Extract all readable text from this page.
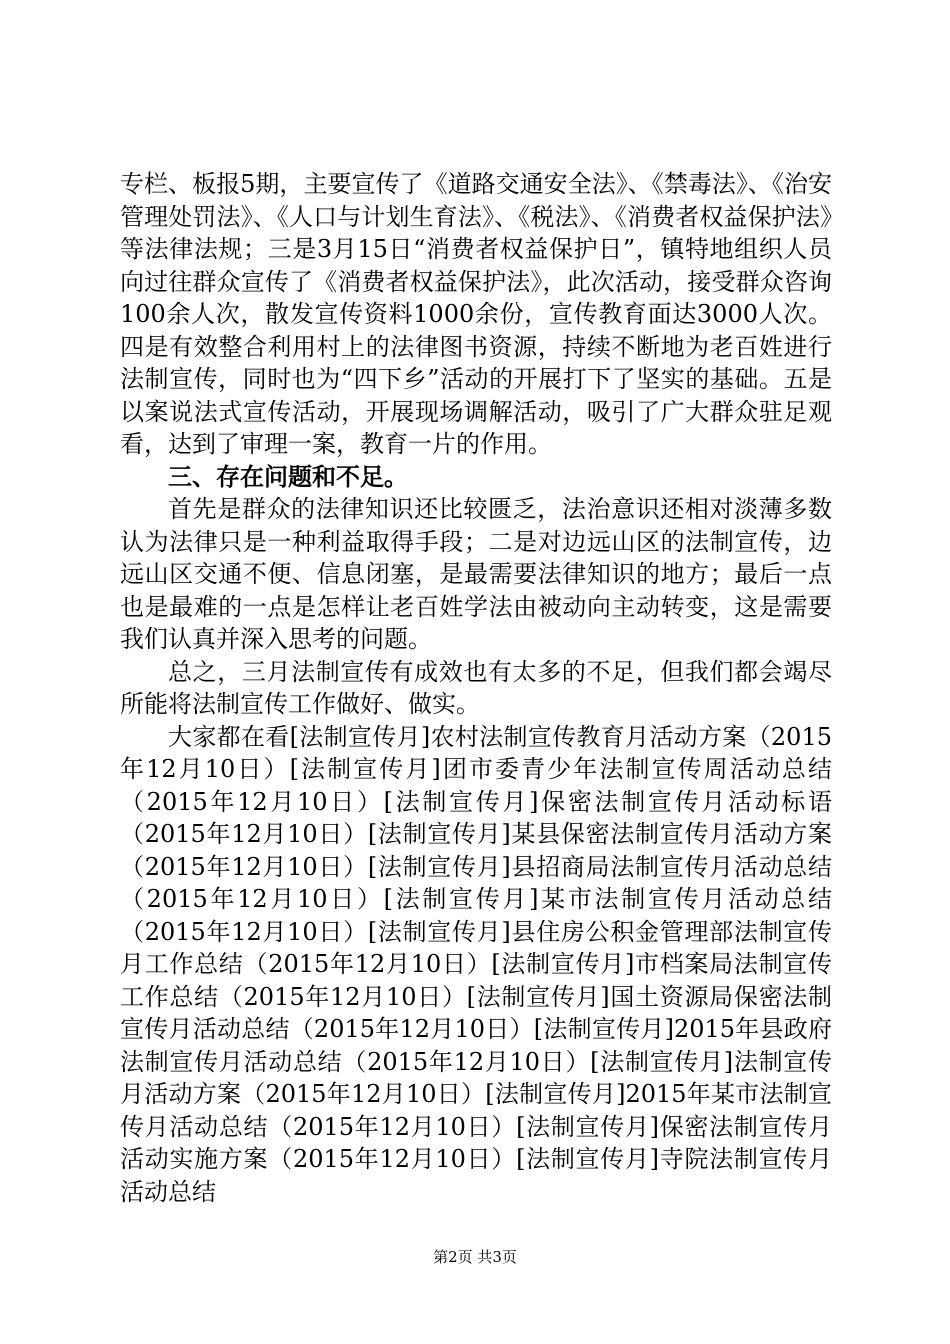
专栏、板报5期，主要宣传了《道路交通安全法》、《禁毒法》、《治安管理处罚法》、《人口与计划生育法》、《税法》、《消费者权益保护法》等法律法规；三是3月15日“消费者权益保护日”，镇特地组织人员向过往群众宣传了《消费者权益保护法》，此次活动，接受群众咨询100余人次，散发宣传资料1000余份，宣传教育面达3000人次。四是有效整合利用村上的法律图书资源，持续不断地为老百姓进行法制宣传，同时也为“四下乡”活动的开展打下了坚实的基础。五是以案说法式宣传活动，开展现场调解活动，吸引了广大群众驻足观看，达到了审理一案，教育一片的作用。

三、存在问题和不足。

首先是群众的法律知识还比较匮乏，法治意识还相对淡薄多数认为法律只是一种利益取得手段；二是对边远山区的法制宣传，边远山区交通不便、信息闭塞，是最需要法律知识的地方；最后一点也是最难的一点是怎样让老百姓学法由被动向主动转变，这是需要我们认真并深入思考的问题。

总之，三月法制宣传有成效也有太多的不足，但我们都会竭尽所能将法制宣传工作做好、做实。

大家都在看[法制宣传月]农村法制宣传教育月活动方案（2015年12月10日）[法制宣传月]团市委青少年法制宣传周活动总结（2015年12月10日）[法制宣传月]保密法制宣传月活动标语（2015年12月10日）[法制宣传月]某县保密法制宣传月活动方案（2015年12月10日）[法制宣传月]县招商局法制宣传月活动总结（2015年12月10日）[法制宣传月]某市法制宣传月活动总结（2015年12月10日）[法制宣传月]县住房公积金管理部法制宣传月工作总结（2015年12月10日）[法制宣传月]市档案局法制宣传工作总结（2015年12月10日）[法制宣传月]国土资源局保密法制宣传月活动总结（2015年12月10日）[法制宣传月]2015年县政府法制宣传月活动总结（2015年12月10日）[法制宣传月]法制宣传月活动方案（2015年12月10日）[法制宣传月]2015年某市法制宣传月活动总结（2015年12月10日）[法制宣传月]保密法制宣传月活动实施方案（2015年12月10日）[法制宣传月]寺院法制宣传月活动总结

第2页 共3页
